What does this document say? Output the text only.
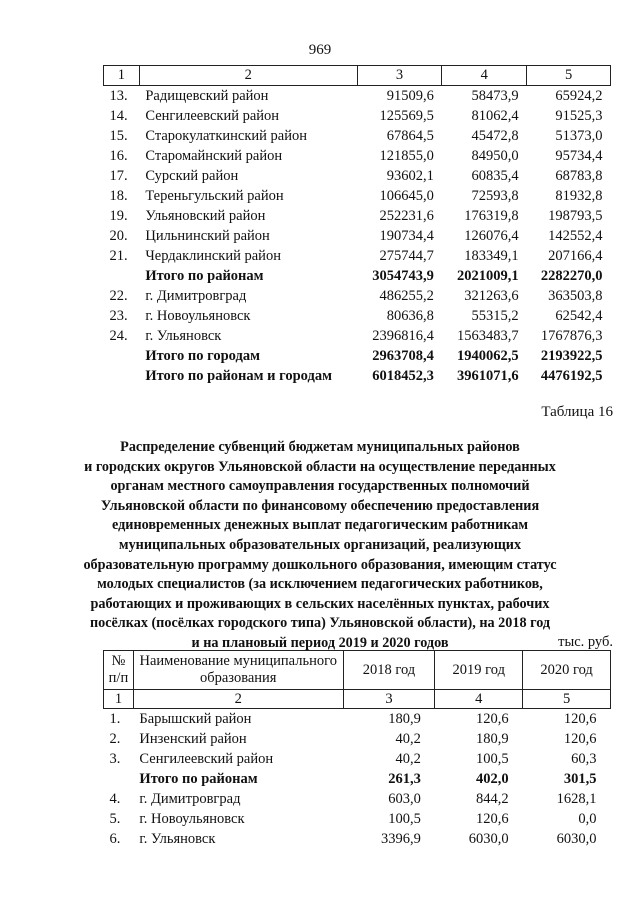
969
1	2	3	4	5
13.	Радищевский район	91509,6	58473,9	65924,2
14.	Сенгилеевский район	125569,5	81062,4	91525,3
15.	Старокулаткинский район	67864,5	45472,8	51373,0
16.	Старомайнский район	121855,0	84950,0	95734,4
17.	Сурский район	93602,1	60835,4	68783,8
18.	Тереньгульский район	106645,0	72593,8	81932,8
19.	Ульяновский район	252231,6	176319,8	198793,5
20.	Цильнинский район	190734,4	126076,4	142552,4
21.	Чердаклинский район	275744,7	183349,1	207166,4
	Итого по районам	3054743,9	2021009,1	2282270,0
22.	г. Димитровград	486255,2	321263,6	363503,8
23.	г. Новоульяновск	80636,8	55315,2	62542,4
24.	г. Ульяновск	2396816,4	1563483,7	1767876,3
	Итого по городам	2963708,4	1940062,5	2193922,5
	Итого по районам и городам	6018452,3	3961071,6	4476192,5
Таблица 16
Распределение субвенций бюджетам муниципальных районов
и городских округов Ульяновской области на осуществление переданных
органам местного самоуправления государственных полномочий
Ульяновской области по финансовому обеспечению предоставления
единовременных денежных выплат педагогическим работникам
муниципальных образовательных организаций, реализующих
образовательную программу дошкольного образования, имеющим статус
молодых специалистов (за исключением педагогических работников,
работающих и проживающих в сельских населённых пунктах, рабочих
посёлках (посёлках городского типа) Ульяновской области), на 2018 год
и на плановый период 2019 и 2020 годов	тыс. руб.
№ п/п	Наименование муниципального образования	2018 год	2019 год	2020 год
1	2	3	4	5
1.	Барышский район	180,9	120,6	120,6
2.	Инзенский район	40,2	180,9	120,6
3.	Сенгилеевский район	40,2	100,5	60,3
	Итого по районам	261,3	402,0	301,5
4.	г. Димитровград	603,0	844,2	1628,1
5.	г. Новоульяновск	100,5	120,6	0,0
6.	г. Ульяновск	3396,9	6030,0	6030,0
